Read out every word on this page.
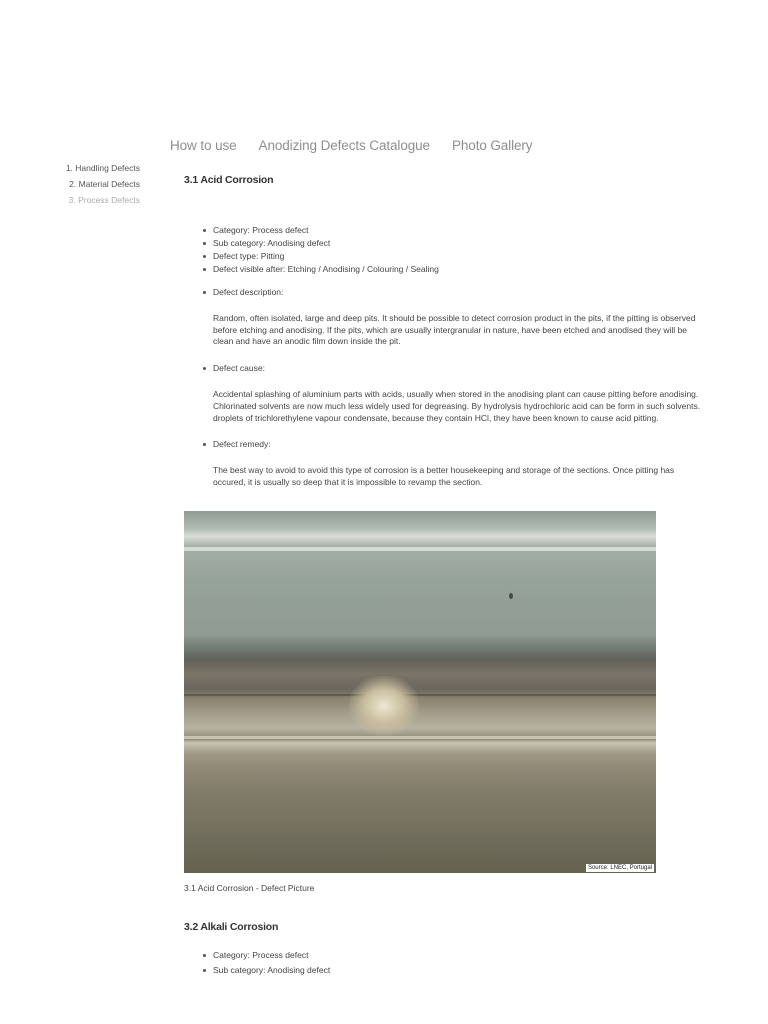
How to use Anodizing Defects Catalogue Photo Gallery
1. Handling Defects
2. Material Defects
3. Process Defects
3.1 Acid Corrosion
Category: Process defect
Sub category: Anodising defect
Defect type: Pitting
Defect visible after: Etching / Anodising / Colouring / Sealing
Defect description:

Random, often isolated, large and deep pits. It should be possible to detect corrosion product in the pits, if the pitting is observed before etching and anodising. If the pits, which are usually intergranular in nature, have been etched and anodised they will be clean and have an anodic film down inside the pit.

Defect cause:

Accidental splashing of aluminium parts with acids, usually when stored in the anodising plant can cause pitting before anodising. Chlorinated solvents are now much less widely used for degreasing. By hydrolysis hydrochloric acid can be form in such solvents. droplets of trichlorethylene vapour condensate, because they contain HCl, they have been known to cause acid pitting.

Defect remedy:

The best way to avoid to avoid this type of corrosion is a better housekeeping and storage of the sections. Once pitting has occured, it is usually so deep that it is impossible to revamp the section.

Source: LNEC, Portugal
3.1 Acid Corrosion - Defect Picture
3.2 Alkali Corrosion
Category: Process defect
Sub category: Anodising defect
